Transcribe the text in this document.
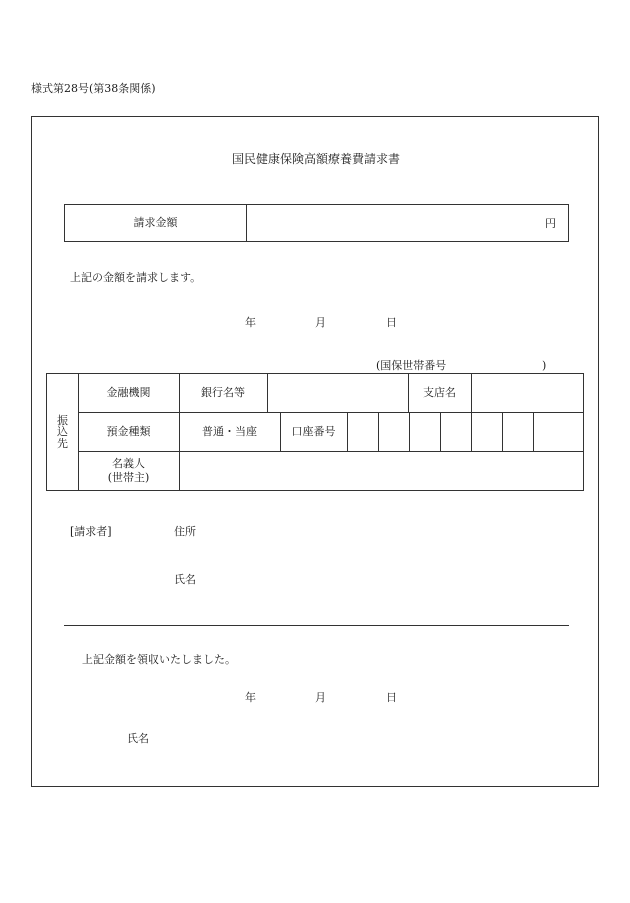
様式第28号(第38条関係)
国民健康保険高額療養費請求書
請求金額	円
上記の金額を請求します。
年	月	日
(国保世帯番号	)
振
込
先
金融機関	銀行名等	支店名
預金種類	普通・当座	口座番号
名義人
(世帯主)
[請求者]	住所
氏名
上記金額を領収いたしました。
年	月	日
氏名
